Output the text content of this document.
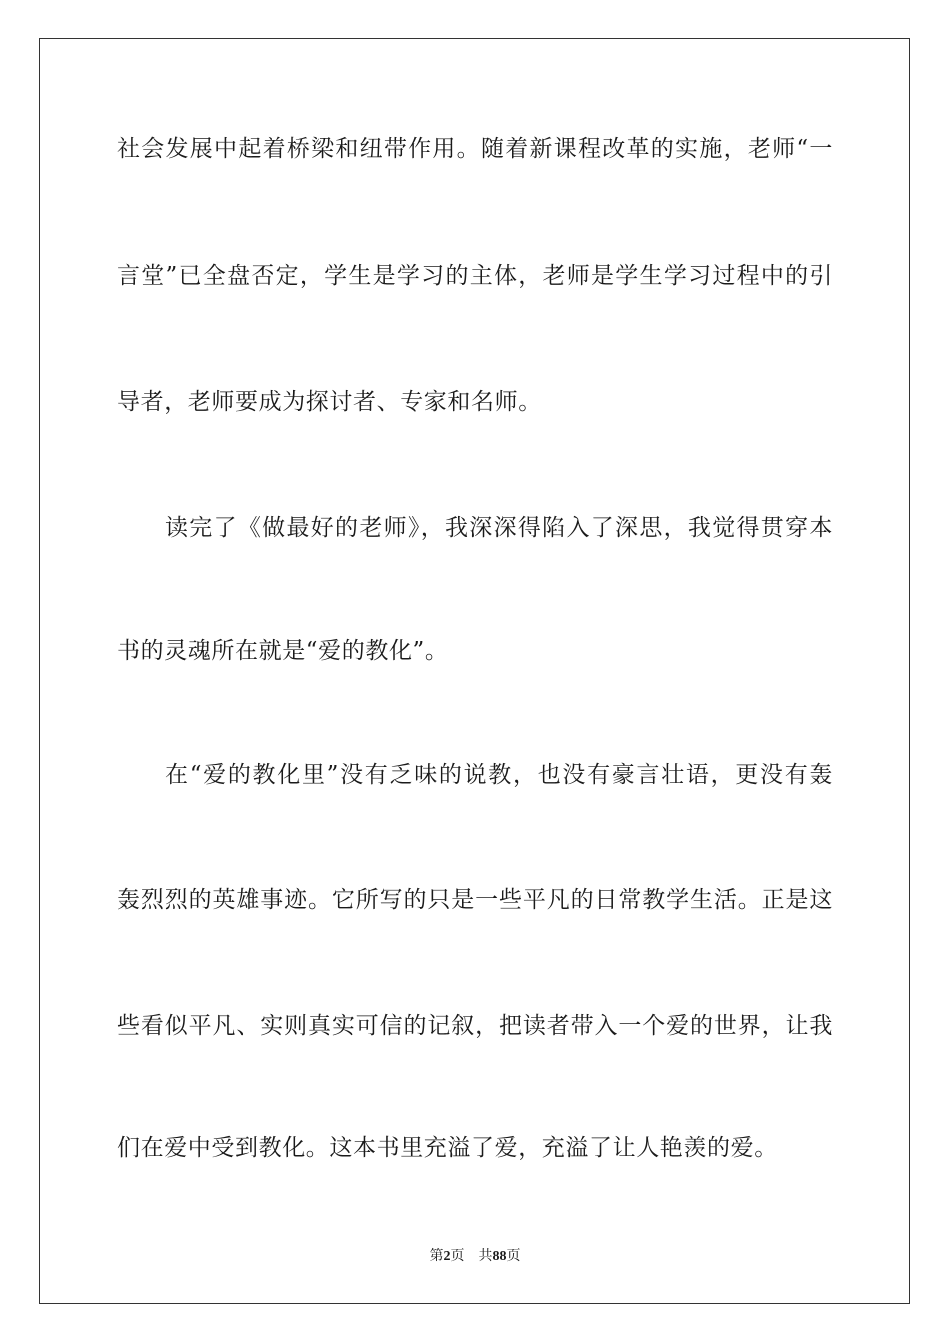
社会发展中起着桥梁和纽带作用。随着新课程改革的实施，老师“一
言堂”已全盘否定，学生是学习的主体，老师是学生学习过程中的引
导者，老师要成为探讨者、专家和名师。
读完了《做最好的老师》，我深深得陷入了深思，我觉得贯穿本
书的灵魂所在就是“爱的教化”。
在“爱的教化里”没有乏味的说教，也没有豪言壮语，更没有轰
轰烈烈的英雄事迹。它所写的只是一些平凡的日常教学生活。正是这
些看似平凡、实则真实可信的记叙，把读者带入一个爱的世界，让我
们在爱中受到教化。这本书里充溢了爱，充溢了让人艳羡的爱。
第2页 共88页
